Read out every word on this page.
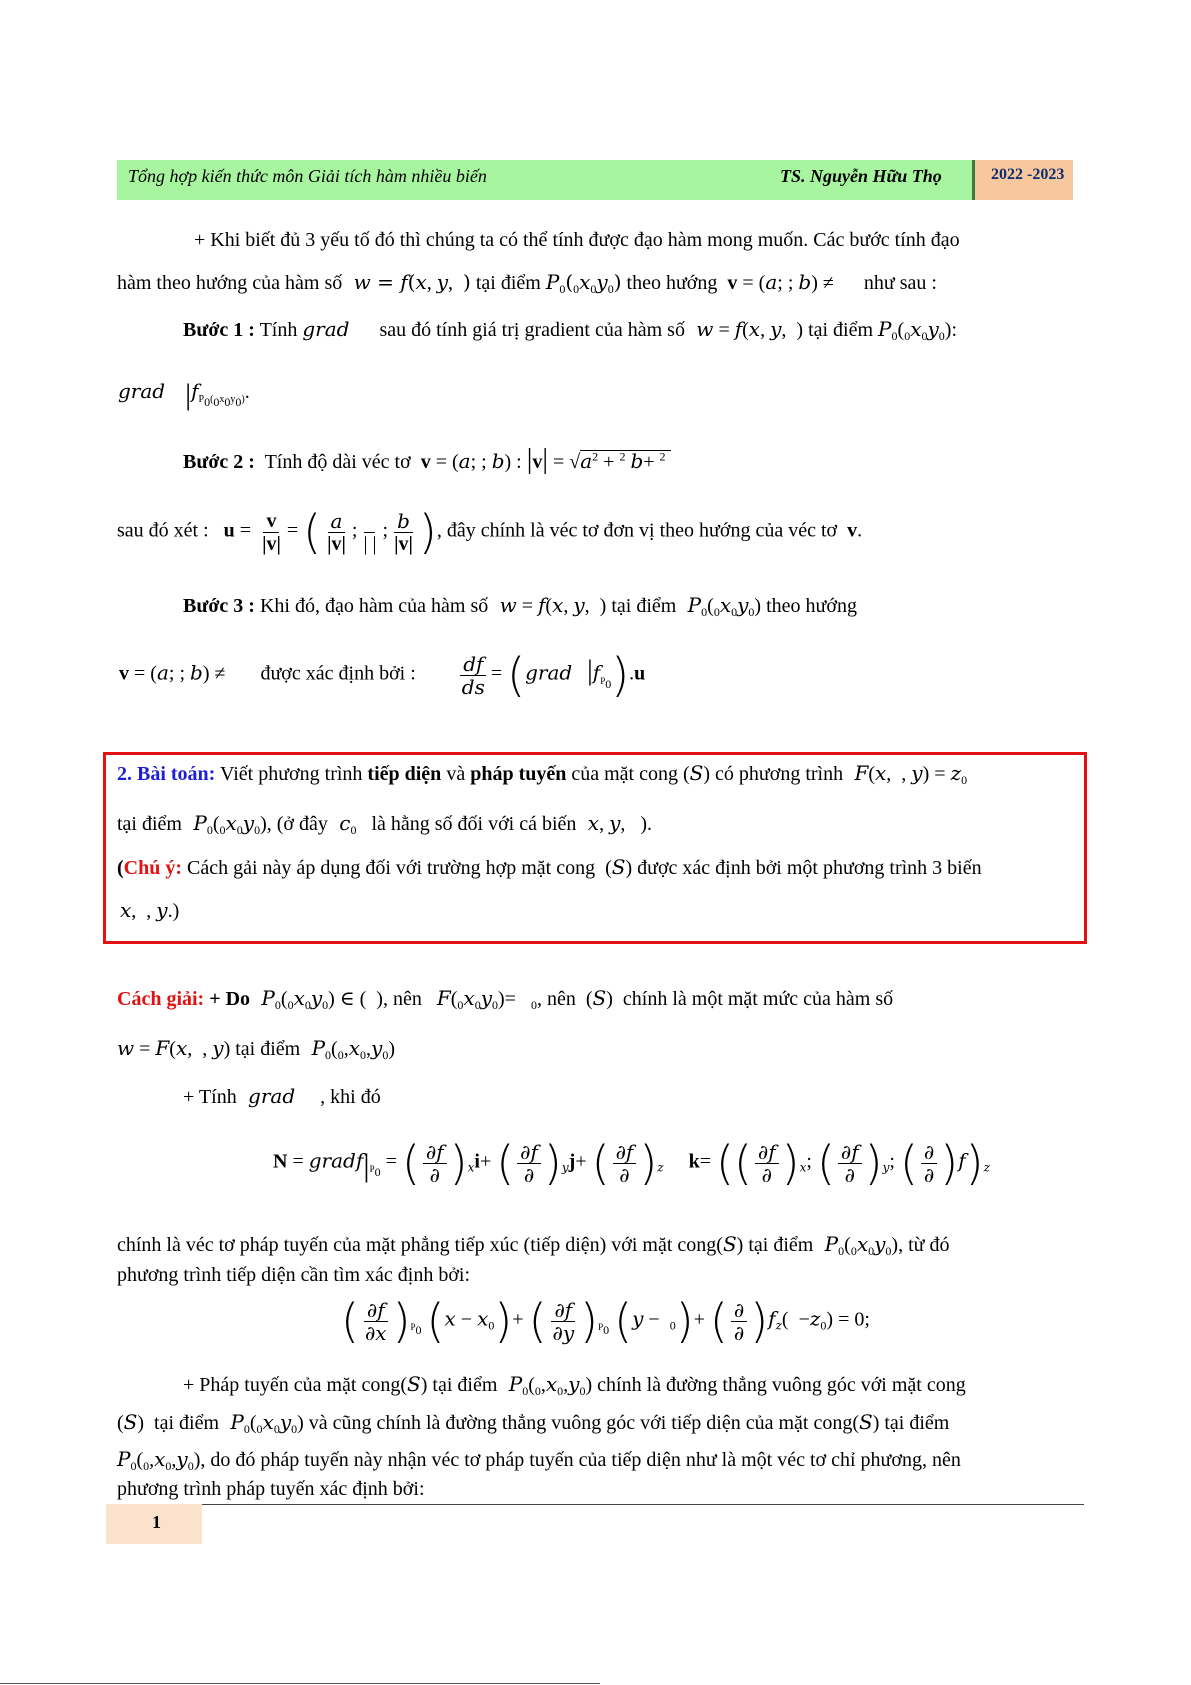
Tổng hợp kiến thức môn Giải tích hàm nhiều biến	TS. Nguyễn Hữu Thọ	2022 -2023
+ Khi biết đủ 3 yếu tố đó thì chúng ta có thể tính được đạo hàm mong muốn. Các bước tính đạo
hàm theo hướng của hàm số  w = f(x, y,  ) tại điểm $P_0(_0x_0y_0)$ theo hướng  v = (a; ; b) ≠      như sau :
Bước 1 : Tính grad sau đó tính giá trị gradient của hàm số  w = f(x, y,  ) tại điểm $P_0(_0x_0y_0)$:
grad $|f_{P_0(_0x_0y_0)}$.
Bước 2 : Tính độ dài véc tơ  v = (a; ; b) : $|v| = √a^2 + ^2$ b+ $^2$
sau đó xét : $u = \frac{v}{|v|}$ = ( $\frac{a}{|v|}$ ;

| |
; $\frac{b}{|v|}$ ), đây chính là véc tơ đơn vị theo hướng của véc tơ  v.
Bước 3 : Khi đó, đạo hàm của hàm số  w = f(x, y,  ) tại điểm  $P_0(_0x_0y_0)$ theo hướng
v = (a; ; b) ≠       được xác định bởi : $\frac{df}{ds}$ = (grad $|f_{P_0}).u$
2. Bài toán: Viết phương trình tiếp diện và pháp tuyến của mặt cong (S) có phương trình  F(x,  , $y) = z_0$
tại điểm  $P_0(_0x_0y_0)$, (ở đây  $c_0$ là hằng số đối với cá biến  x, y,   ).
(Chú ý: Cách gải này áp dụng đối với trường hợp mặt cong  (S) được xác định bởi một phương trình 3 biến
x,  , y.)
Cách giải: + Do  $P_0(_0x_0y_0)$ ∈ (  ), nên $F(_0x_0y_0)= _0$, nên  (S)  chính là một mặt mức của hàm số
w = F(x,  , y) tại điểm  $P_0(_0,x_0,y_0)$
+ Tính  grad , khi đó
$N = gradf|_{P_0}$ = ( $\frac{\partial f}{\partial} )_xi+$ ( $\frac{\partial f}{\partial} )_yj+$ ( $\frac{\partial f}{\partial} )_z$ k= (( $\frac{\partial f}{\partial} )_x$; ( $\frac{\partial f}{\partial} )_y$; ( $\frac{\partial}{\partial} )f)_z$
chính là véc tơ pháp tuyến của mặt phẳng tiếp xúc (tiếp diện) với mặt cong(S) tại điểm  $P_0(_0x_0y_0)$, từ đó
phương trình tiếp diện cần tìm xác định bởi:
( $\frac{\partial f}{\partial x} )_{P_0}$ $(x - x_0)+$ ( $\frac{\partial f}{\partial y} )_{P_0}$ (y −  $_0$)+ ( $\frac{\partial}{\partial} )f_z( -z_0) = 0$;
+ Pháp tuyến của mặt cong(S) tại điểm  $P_0(_0,x_0,y_0)$ chính là đường thẳng vuông góc với mặt cong
(S)  tại điểm  $P_0(_0x_0y_0)$ và cũng chính là đường thẳng vuông góc với tiếp diện của mặt cong(S) tại điểm
$P_0(_0,x_0,y_0)$, do đó pháp tuyến này nhận véc tơ pháp tuyến của tiếp diện như là một véc tơ chỉ phương, nên
phương trình pháp tuyến xác định bởi:
1
